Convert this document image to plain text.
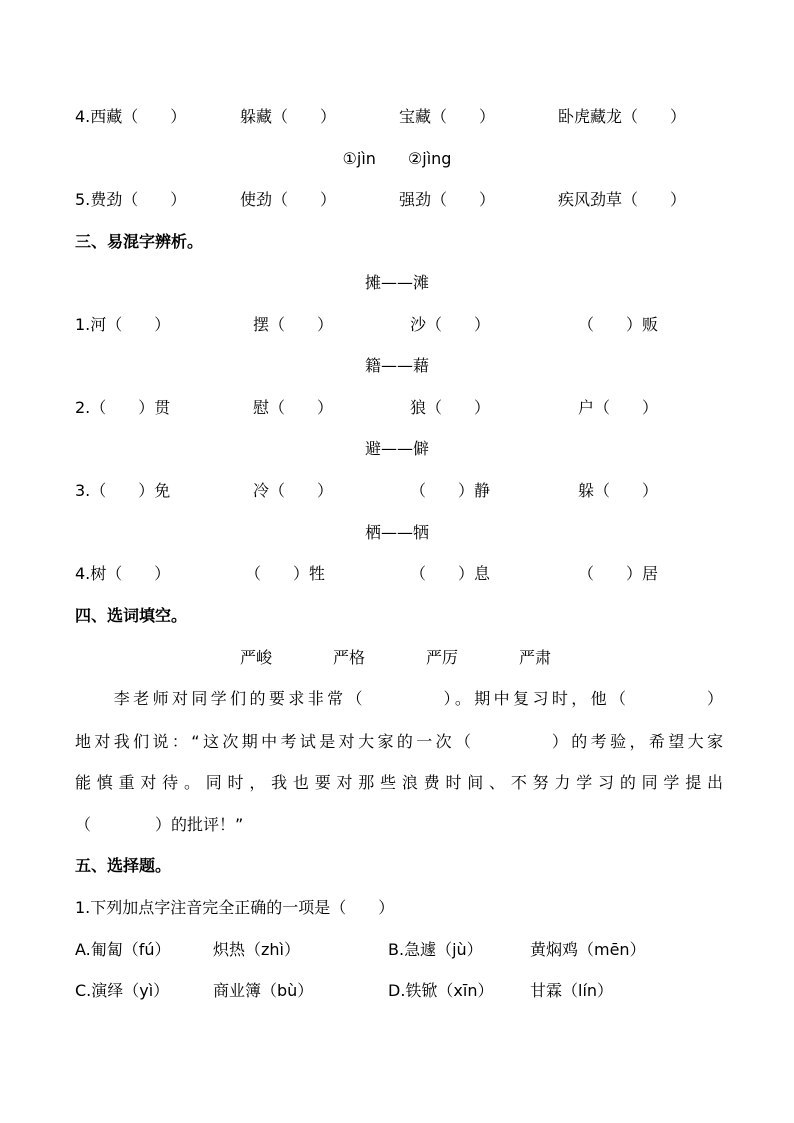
4.西藏（　　）	躲藏（　　）	宝藏（　　）	卧虎藏龙（　　）
①jìn　　②jìng
5.费劲（　　）	使劲（　　）	强劲（　　）	疾风劲草（　　）
三、易混字辨析。
摊——滩
1.河（　　）	摆（　　）	沙（　　）	（　　）贩
籍——藉
2.（　　）贯	慰（　　）	狼（　　）	户（　　）
避——僻
3.（　　）免	冷（　　）	（　　）静	躲（　　）
栖——牺
4.树（　　）	（　　）牲	（　　）息	（　　）居
四、选词填空。
严峻	严格	严厉	严肃
　　李老师对同学们的要求非常（　　　　）。期中复习时，他（　　　　）
地对我们说：“这次期中考试是对大家的一次（　　　　）的考验，希望大家
能慎重对待。同时，我也要对那些浪费时间、不努力学习的同学提出
（　　　　）的批评！”
五、选择题。
1.下列加点字注音完全正确的一项是（　　）
A.匍匐（fú）	炽热（zhì）	B.急遽（jù）	黄焖鸡（mēn）
C.演绎（yì）	商业簿（bù）	D.铁锨（xīn） 甘霖（lín）
